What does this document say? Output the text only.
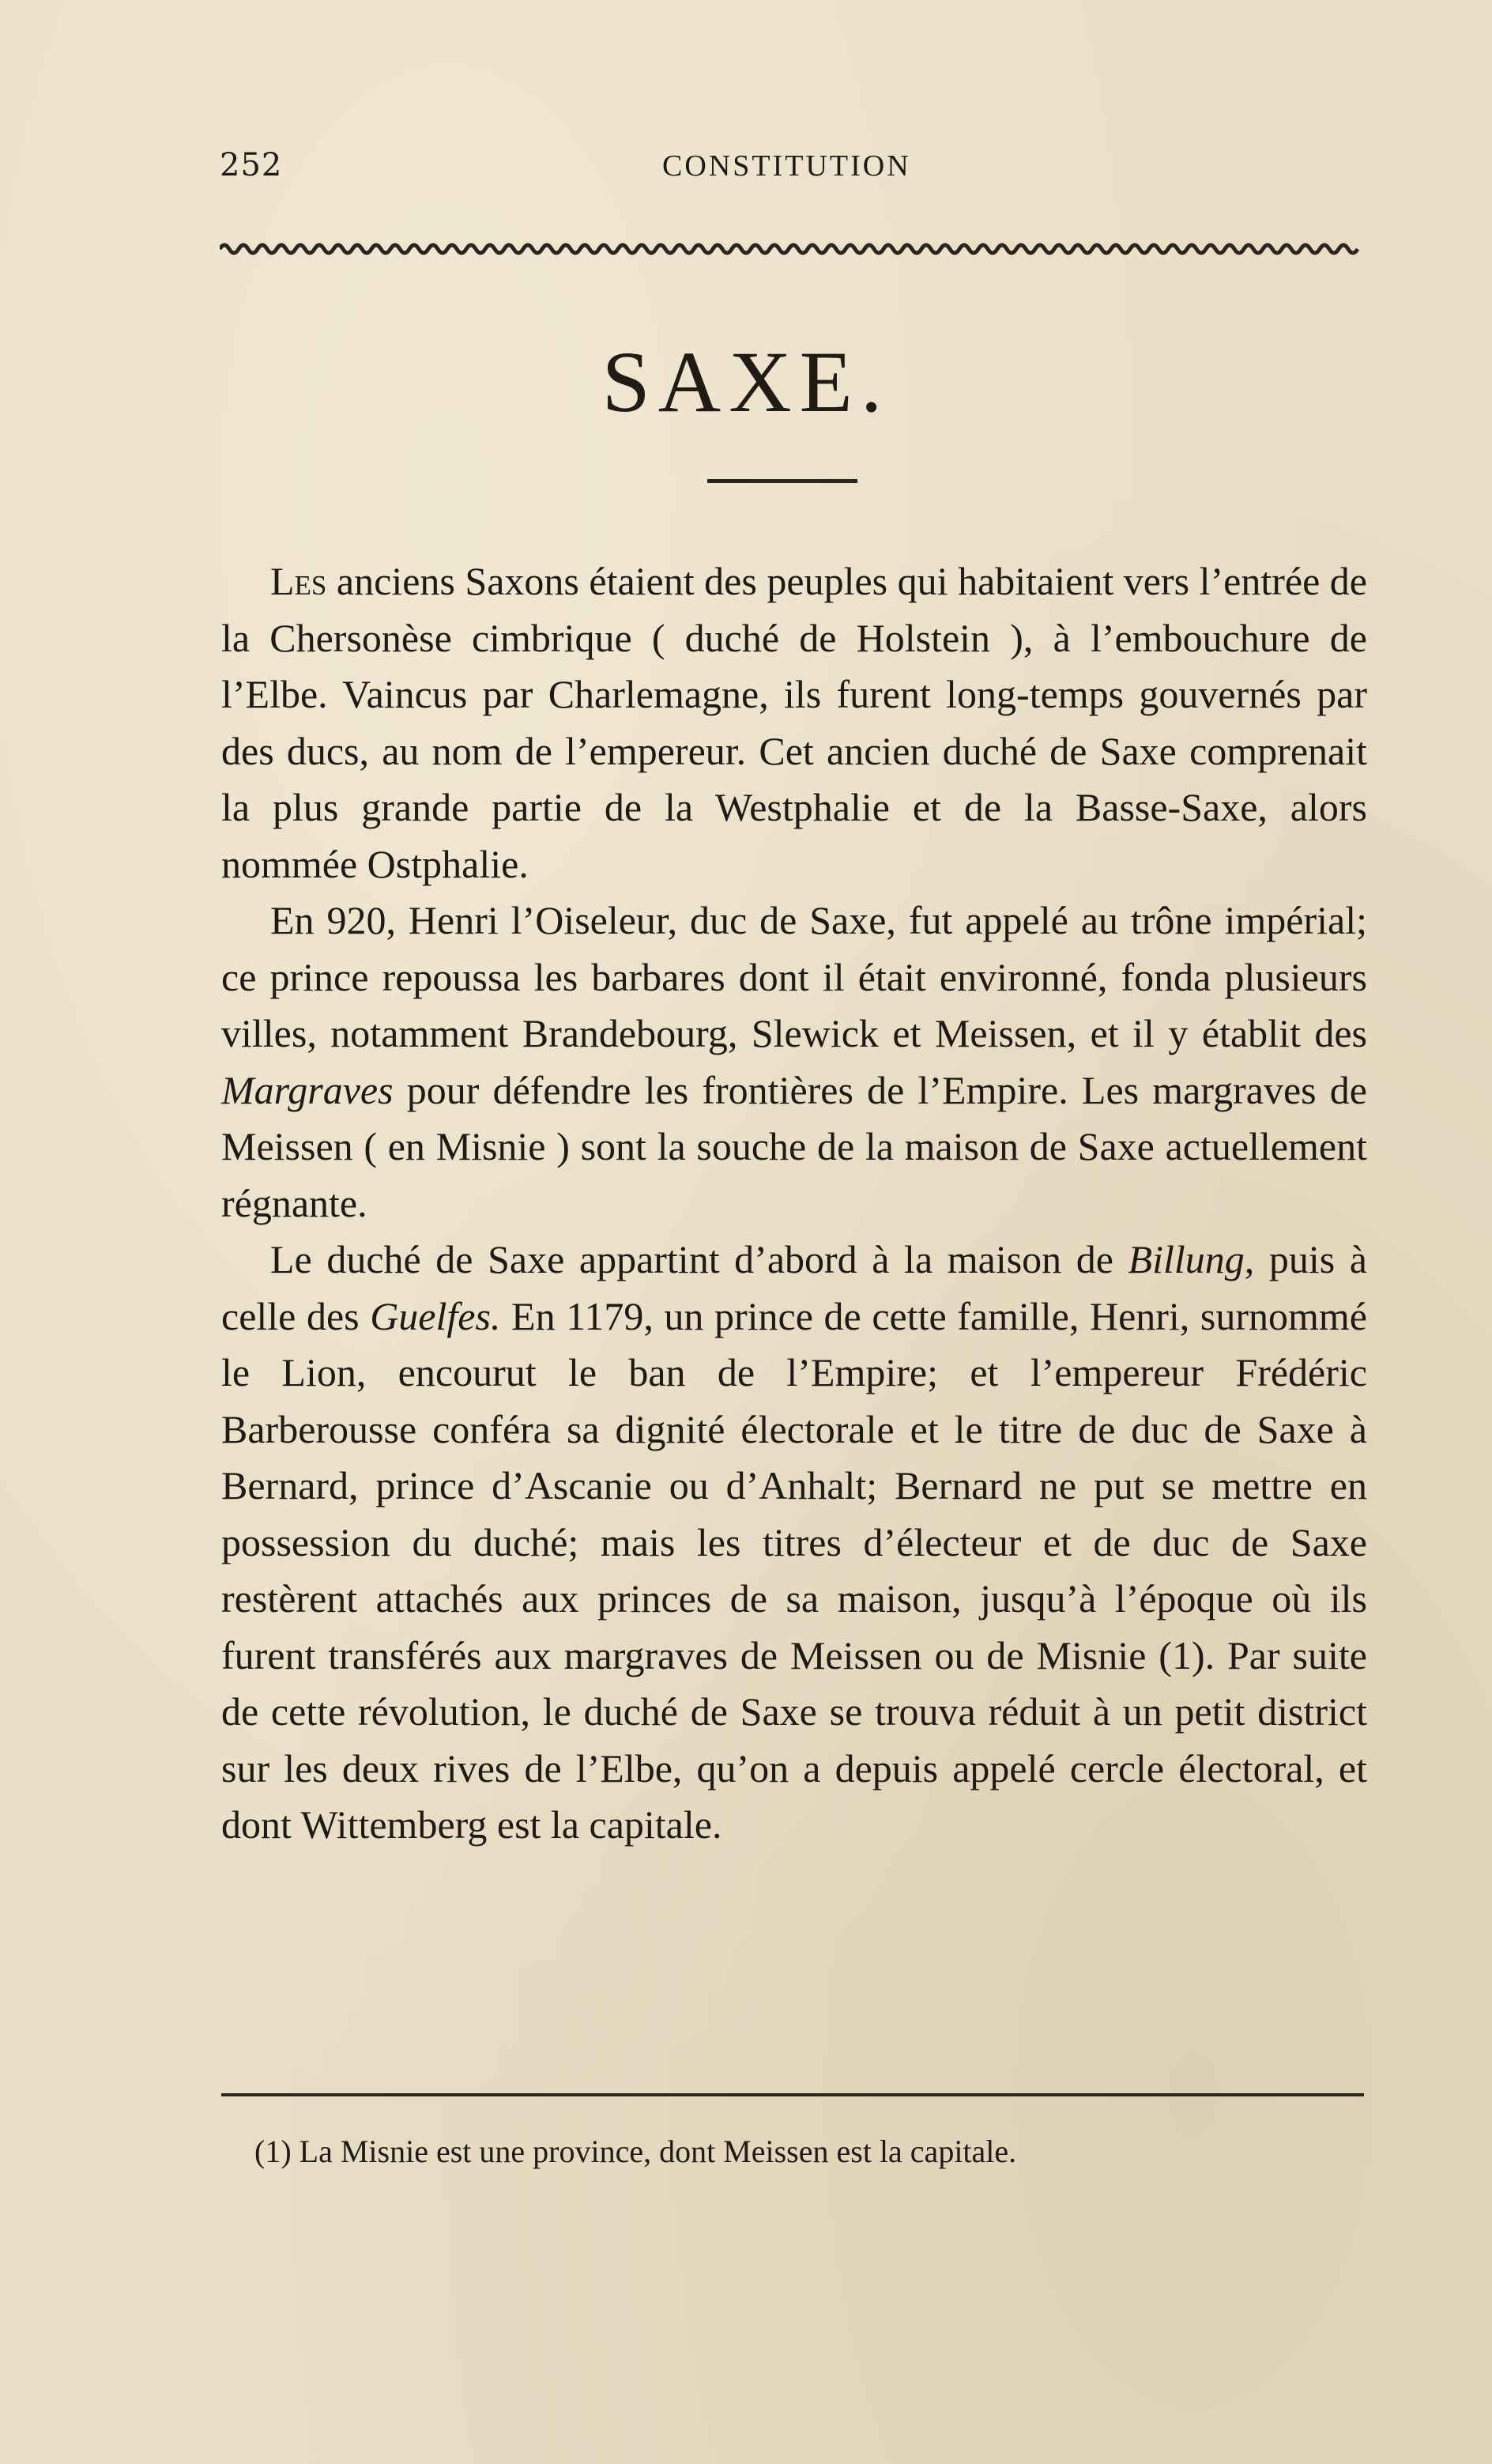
252	CONSTITUTION
SAXE.

Les anciens Saxons étaient des peuples qui habitaient vers l’entrée de la Chersonèse cimbrique ( duché de Holstein ), à l’embouchure de l’Elbe. Vaincus par Charlemagne, ils furent long-temps gouvernés par des ducs, au nom de l’empereur. Cet ancien duché de Saxe comprenait la plus grande partie de la Westphalie et de la Basse-Saxe, alors nommée Ostphalie.

En 920, Henri l’Oiseleur, duc de Saxe, fut appelé au trône impérial; ce prince repoussa les barbares dont il était environné, fonda plusieurs villes, notamment Brandebourg, Slewick et Meissen, et il y établit des Margraves pour défendre les frontières de l’Empire. Les margraves de Meissen ( en Misnie ) sont la souche de la maison de Saxe actuellement régnante.

Le duché de Saxe appartint d’abord à la maison de Billung, puis à celle des Guelfes. En 1179, un prince de cette famille, Henri, surnommé le Lion, encourut le ban de l’Empire; et l’empereur Frédéric Barberousse conféra sa dignité électorale et le titre de duc de Saxe à Bernard, prince d’Ascanie ou d’Anhalt; Bernard ne put se mettre en possession du duché; mais les titres d’électeur et de duc de Saxe restèrent attachés aux princes de sa maison, jusqu’à l’époque où ils furent transférés aux margraves de Meissen ou de Misnie (1). Par suite de cette révolution, le duché de Saxe se trouva réduit à un petit district sur les deux rives de l’Elbe, qu’on a depuis appelé cercle électoral, et dont Wittemberg est la capitale.

(1) La Misnie est une province, dont Meissen est la capitale.
